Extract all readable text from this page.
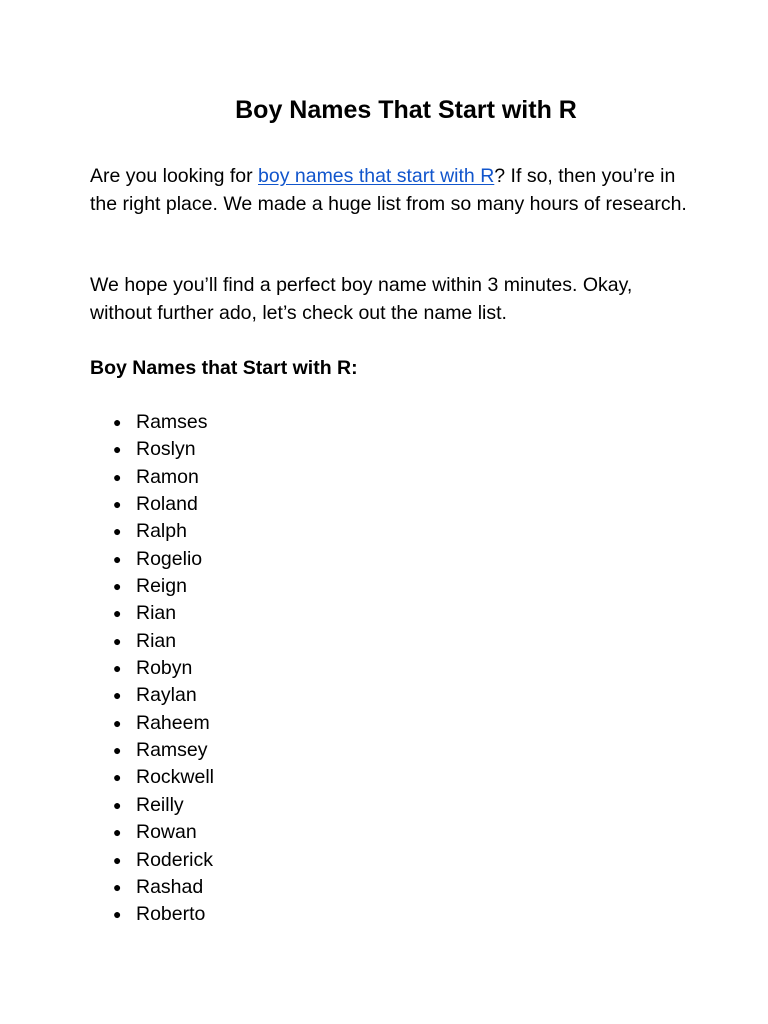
Boy Names That Start with R

Are you looking for boy names that start with R? If so, then you’re in the right place. We made a huge list from so many hours of research.

We hope you’ll find a perfect boy name within 3 minutes. Okay, without further ado, let’s check out the name list.

Boy Names that Start with R:

● Ramses
● Roslyn
● Ramon
● Roland
● Ralph
● Rogelio
● Reign
● Rian
● Rian
● Robyn
● Raylan
● Raheem
● Ramsey
● Rockwell
● Reilly
● Rowan
● Roderick
● Rashad
● Roberto
